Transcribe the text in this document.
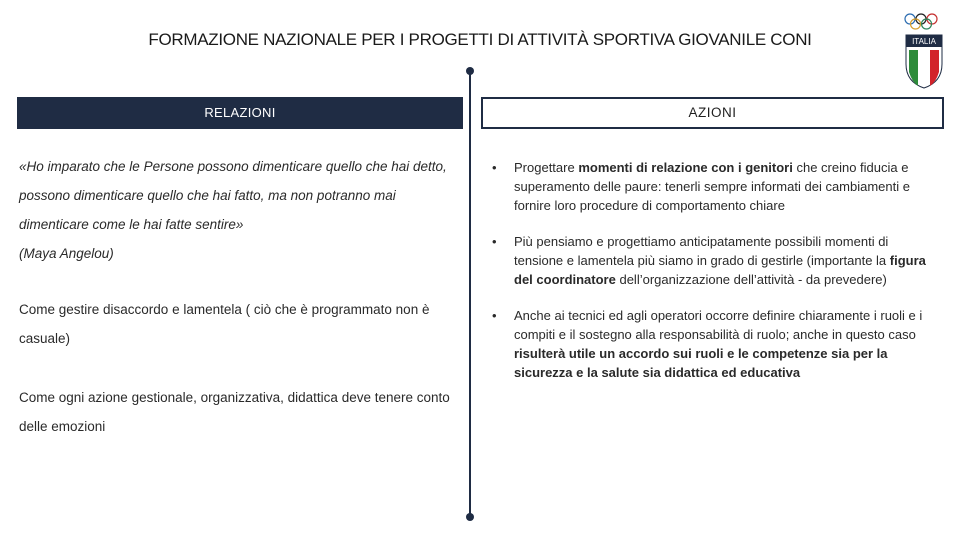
FORMAZIONE NAZIONALE PER I PROGETTI DI ATTIVITÀ SPORTIVA GIOVANILE CONI	ITALIA
RELAZIONI	AZIONI
«Ho imparato che le Persone possono dimenticare quello che hai detto, possono dimenticare quello che hai fatto, ma non potranno mai dimenticare come le hai fatte sentire»
(Maya Angelou)
Come gestire disaccordo e lamentela ( ciò che è programmato non è casuale)
Come ogni azione gestionale, organizzativa, didattica deve tenere conto delle emozioni
• Progettare momenti di relazione con i genitori che creino fiducia e superamento delle paure: tenerli sempre informati dei cambiamenti e fornire loro procedure di comportamento chiare
• Più pensiamo e progettiamo anticipatamente possibili momenti di tensione e lamentela più siamo in grado di gestirle (importante la figura del coordinatore dell’organizzazione dell’attività - da prevedere)
• Anche ai tecnici ed agli operatori occorre definire chiaramente i ruoli e i compiti e il sostegno alla responsabilità di ruolo; anche in questo caso risulterà utile un accordo sui ruoli e le competenze sia per la sicurezza e la salute sia didattica ed educativa
